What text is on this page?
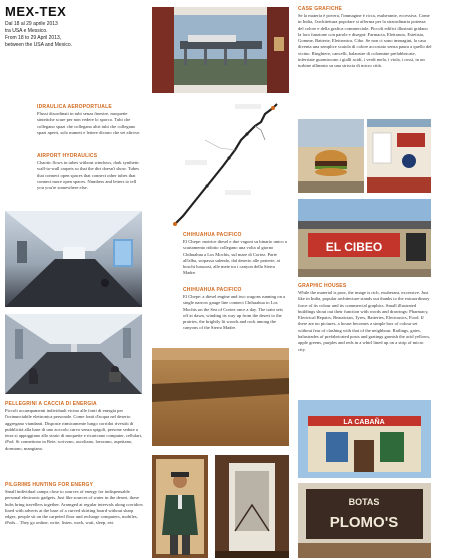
MEX-TEX
Dal 18 al 29 aprile 2013
tra USA e Messico.
From 18 to 29 April 2013,
between the USA and Mexico.
IDRAULICA AEROPORTUALE
Flussi disordinati in tubi senza finestre, moquette sintetiche scure per non vedere lo sporco. Tubi che collegano spazi che collegano altri tubi che collegano spazi aperti, solo numeri e lettere dicono che sei altrove.
AIRPORT HYDRAULICS
Chaotic flows in tubes without windows, dark synthetic wall-to-wall carpets so that the dirt doesn't show. Tubes that connect open spaces that connect other tubes that connect more open spaces. Numbers and letters to tell you you're somewhere else.
PELLEGRINI A CACCIA DI ENERGIA
Piccoli accampamenti individuali vicino alle fonti di energia per l'irrinunciabile elettronica personale. Come fonti d'acqua nel deserto aggregano viandanti. Disposte ritmicamente lungo corridoi rivestiti di pubblicità alla base di uno zoccolo curvo senza spigoli, persone sedute a terra si appoggiano allo strato di moquette e ricaricano computer, cellulari, iPod. Si connettono in Rete, scrivono, ascoltano, lavorano, aspettano, dormono, mangiano.
PILGRIMS HUNTING FOR ENERGY
Small individual camps close to sources of energy for indispensable personal electronic gadgets. Just like sources of water in the desert, these hubs bring travellers together. Arranged at regular intervals along corridors lined with adverts at the base of a curved skirting board without sharp edges, people sit on the carpeted floor and recharge computers, mobiles, iPods... They go online, write, listen, work, wait, sleep, eat.
CHIHUAHUA PACIFICO
El Chepe: motrice diesel e due vagoni su binario unico a scartamento ridotto collegano una volta al giorno Chihuahua a Los Mochis, sul mare di Cortez. Parte all'alba, sorpassa salendo, dal deserto alle praterie, ai boschi lussuosi, alle mete tra i canyon della Sierra Madre.
CHIHUAHUA PACIFICO
El Chepe: a diesel engine and two wagons running on a single narrow gauge line connect Chihuahua to Los Mochis on the Sea of Cortez once a day. The train sets off at dawn, winding its way up from the desert to the prairies, the brightly lit woods and rock among the canyons of the Sierra Madre.
CASE GRAFICHE
Se la materia è povera, l'immagine è ricca, esuberante, eccessiva. Come in India, l'architettura popolare si afferma per la straordinaria potenza del colore e della grafica commerciale. Piccoli edifici illustrati gridano la loro funzione con parole e disegni: Farmacia, Elettrauto, Estetista, Gomme, Batterie, Elettronica, Cibo. Se non ci sono immagini, la casa diventa una semplice scatola di colore accostato senza paura a quello del vicino. Ringhiere, cancelli, balaustre di colonnine prefabbricate, inferriate guarniscono i gialli acidi, i verdi mela, i viola, i rossi, in un turbine allineato su una striscia di micro città.
EL CIBEO
GRAPHIC HOUSES
While the material is poor, the image is rich, exuberant, excessive. Just like in India, popular architecture stands out thanks to the extraordinary force of its colour and its commercial graphics. Small illustrated buildings shout out their function with words and drawings: Pharmacy, Electrical Repairs, Beautician, Tyres, Batteries, Electronics, Food. If there are no pictures, a house becomes a simple box of colour set without fear of clashing with that of the neighbour. Railings, gates, balustrades of prefabricated posts and gratings garnish the acid yellows, apple greens, purples and reds in a whirl lined up on a strip of micro city.
LA CABAÑA
BOTAS
PLOMO'S
